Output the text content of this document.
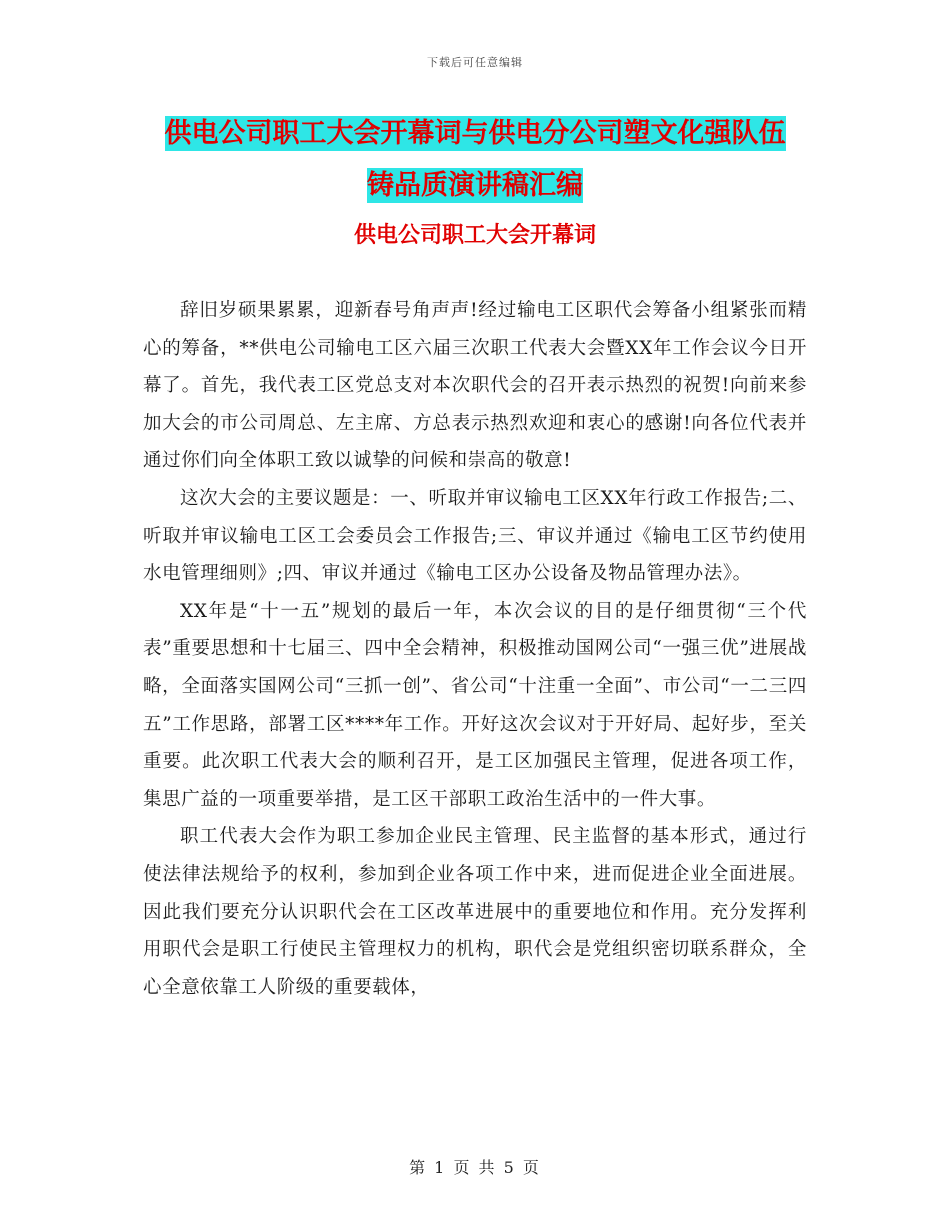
下载后可任意编辑
供电公司职工大会开幕词与供电分公司塑文化强队伍
铸品质演讲稿汇编
供电公司职工大会开幕词

辞旧岁硕果累累，迎新春号角声声!经过输电工区职代会筹备小组紧张而精心的筹备，**供电公司输电工区六届三次职工代表大会暨XX年工作会议今日开幕了。首先，我代表工区党总支对本次职代会的召开表示热烈的祝贺!向前来参加大会的市公司周总、左主席、方总表示热烈欢迎和衷心的感谢!向各位代表并通过你们向全体职工致以诚挚的问候和崇高的敬意!

这次大会的主要议题是：一、听取并审议输电工区XX年行政工作报告;二、听取并审议输电工区工会委员会工作报告;三、审议并通过《输电工区节约使用水电管理细则》;四、审议并通过《输电工区办公设备及物品管理办法》。

XX年是“十一五”规划的最后一年，本次会议的目的是仔细贯彻“三个代表”重要思想和十七届三、四中全会精神，积极推动国网公司“一强三优”进展战略，全面落实国网公司“三抓一创”、省公司“十注重一全面”、市公司“一二三四五”工作思路，部署工区****年工作。开好这次会议对于开好局、起好步，至关重要。此次职工代表大会的顺利召开，是工区加强民主管理，促进各项工作，集思广益的一项重要举措，是工区干部职工政治生活中的一件大事。

职工代表大会作为职工参加企业民主管理、民主监督的基本形式，通过行使法律法规给予的权利，参加到企业各项工作中来，进而促进企业全面进展。因此我们要充分认识职代会在工区改革进展中的重要地位和作用。充分发挥利用职代会是职工行使民主管理权力的机构，职代会是党组织密切联系群众，全心全意依靠工人阶级的重要载体，

第 1 页 共 5 页
